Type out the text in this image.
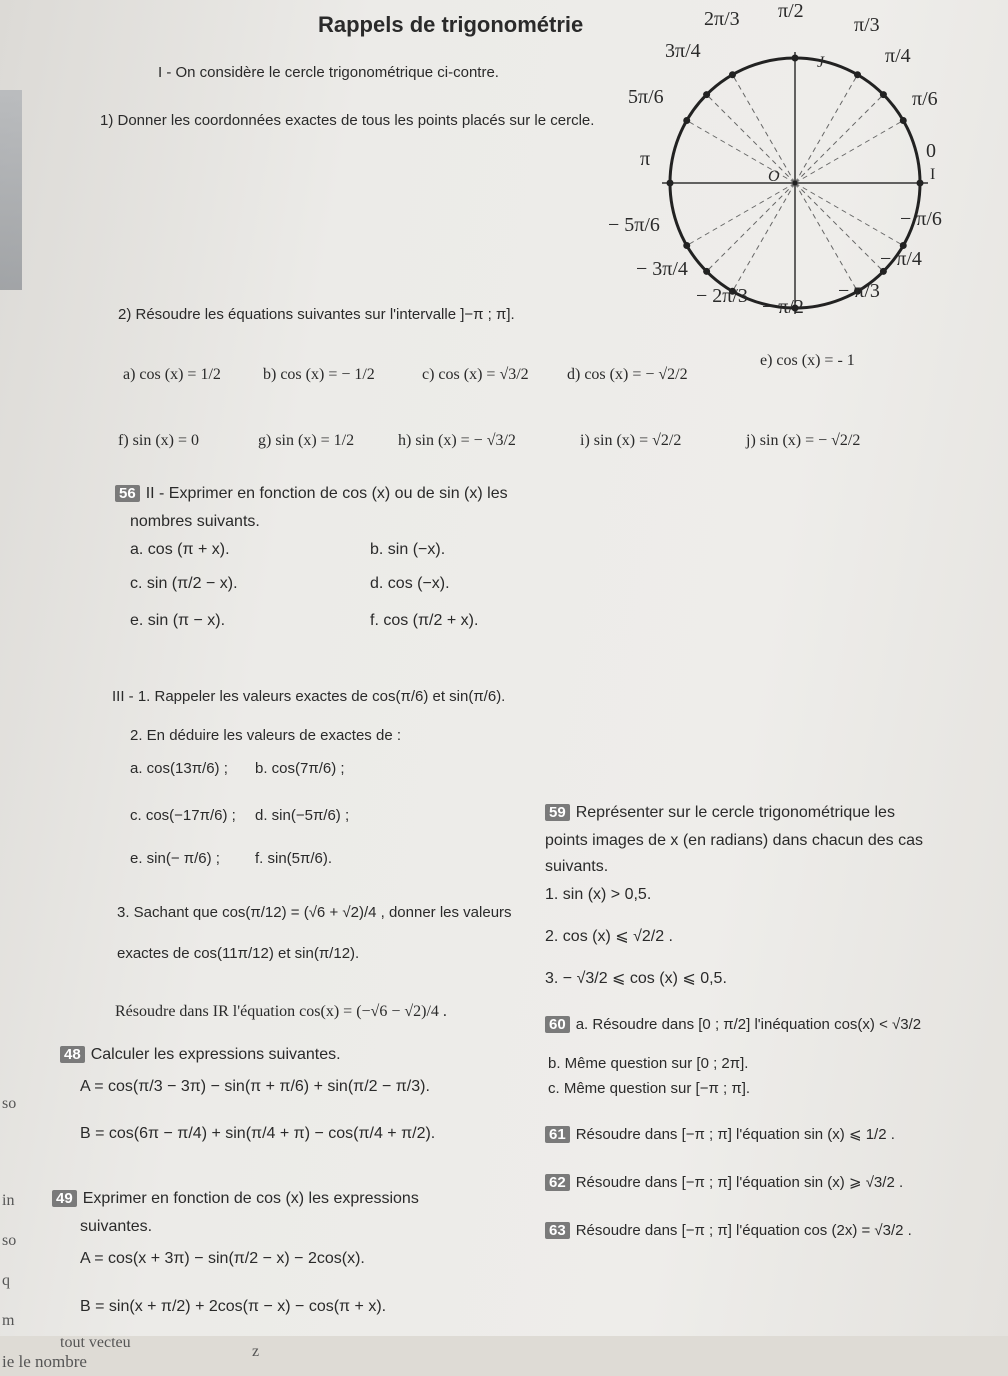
Rappels de trigonométrie
I - On considère le cercle trigonométrique ci-contre.
1) Donner les coordonnées exactes de tous les points placés sur le cercle.
2) Résoudre les équations suivantes sur l'intervalle ]−π ; π].
a) cos (x) = 1/2	b) cos (x) = − 1/2	c) cos (x) = √3/2 d) cos (x) = − √2/2
e) cos (x) = - 1
f) sin (x) = 0	g) sin (x) = 1/2	h) sin (x) = − √3/2	i) sin (x) = √2/2	j) sin (x) = − √2/2
2π/3 π/2
π/3
3π/4	π/4
5π/6	π/6
π	0
O	I
J
− 5π/6	− π/6
− 3π/4	− π/4
− 2π/3 − π/2
− π/3
56 II - Exprimer en fonction de cos (x) ou de sin (x) les
nombres suivants.
a. cos (π + x).	b. sin (−x).
c. sin (π/2 − x).	d. cos (−x).
e. sin (π − x).	f. cos (π/2 + x).
III - 1. Rappeler les valeurs exactes de cos(π/6) et sin(π/6).
2. En déduire les valeurs de exactes de :
a. cos(13π/6) ; b. cos(7π/6) ;
c. cos(−17π/6) ; d. sin(−5π/6) ;
e. sin(− π/6) ; f. sin(5π/6).
3. Sachant que cos(π/12) = (√6 + √2)/4 , donner les valeurs
exactes de cos(11π/12) et sin(π/12).
Résoudre dans IR l'équation cos(x) = (−√6 − √2)/4 .
59 Représenter sur le cercle trigonométrique les
points images de x (en radians) dans chacun des cas
suivants.
1. sin (x) > 0,5.
2. cos (x) ⩽ √2/2 .
3. − √3/2 ⩽ cos (x) ⩽ 0,5.
60 a. Résoudre dans [0 ; π/2] l'inéquation cos(x) < √3/2
b. Même question sur [0 ; 2π].
c. Même question sur [−π ; π].
61 Résoudre dans [−π ; π] l'équation sin (x) ⩽ 1/2 .
62 Résoudre dans [−π ; π] l'équation sin (x) ⩾ √3/2 .
63 Résoudre dans [−π ; π] l'équation cos (2x) = √3/2 .
48 Calculer les expressions suivantes.
A = cos(π/3 − 3π) − sin(π + π/6) + sin(π/2 − π/3).
B = cos(6π − π/4) + sin(π/4 + π) − cos(π/4 + π/2).
49 Exprimer en fonction de cos (x) les expressions
suivantes.
A = cos(x + 3π) − sin(π/2 − x) − 2cos(x).
B = sin(x + π/2) + 2cos(π − x) − cos(π + x).
so
in
so
q
m
tout vecteu
ie le nombre
z
